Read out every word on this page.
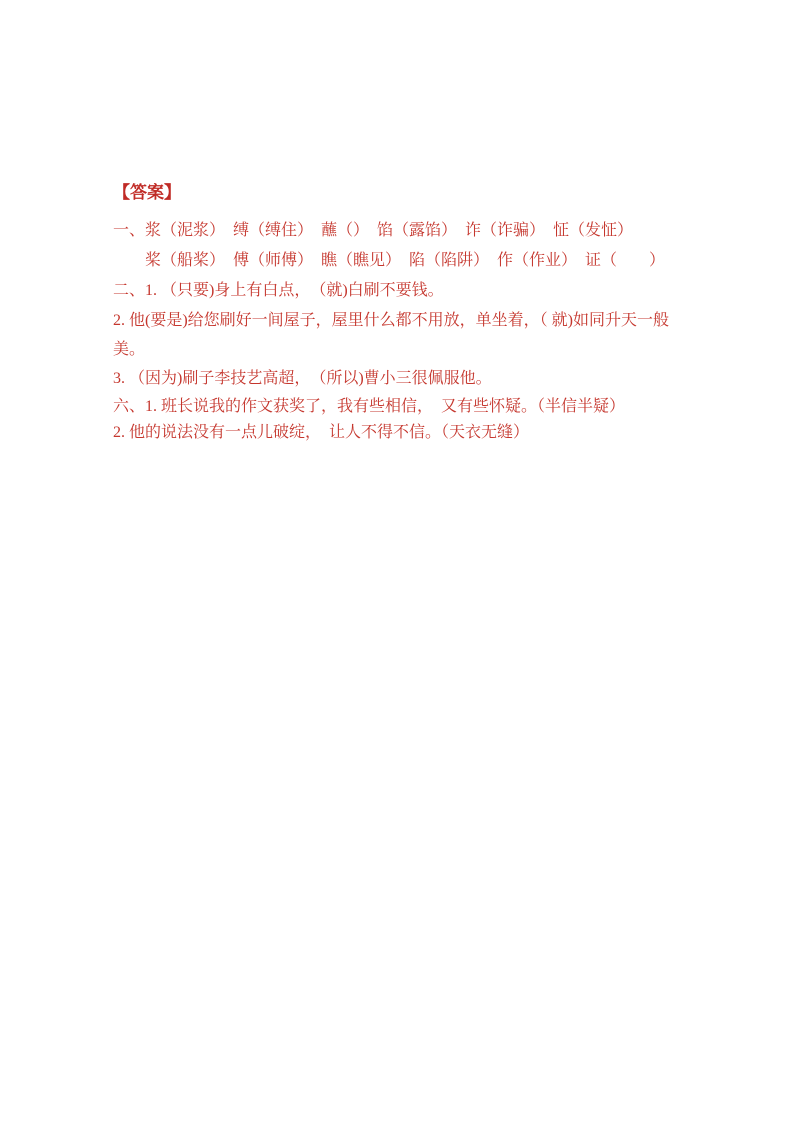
【答案】
一、浆（泥浆）　缚（缚住）　蘸（）　馅（露馅）　诈（诈骗）　怔（发怔）
桨（船桨）　傅（师傅）　瞧（瞧见）　陷（陷阱）　作（作业）　证（　　）
二、1. （只要)身上有白点，　（就)白刷不要钱。
2. 他(要是)给您刷好一间屋子，屋里什么都不用放，单坐着，（ 就)如同升天一般
美。
3. （因为)刷子李技艺高超，　（所以)曹小三很佩服他。
六、1. 班长说我的作文获奖了，我有些相信，　又有些怀疑。（半信半疑）
2. 他的说法没有一点儿破绽，　让人不得不信。（天衣无缝）
